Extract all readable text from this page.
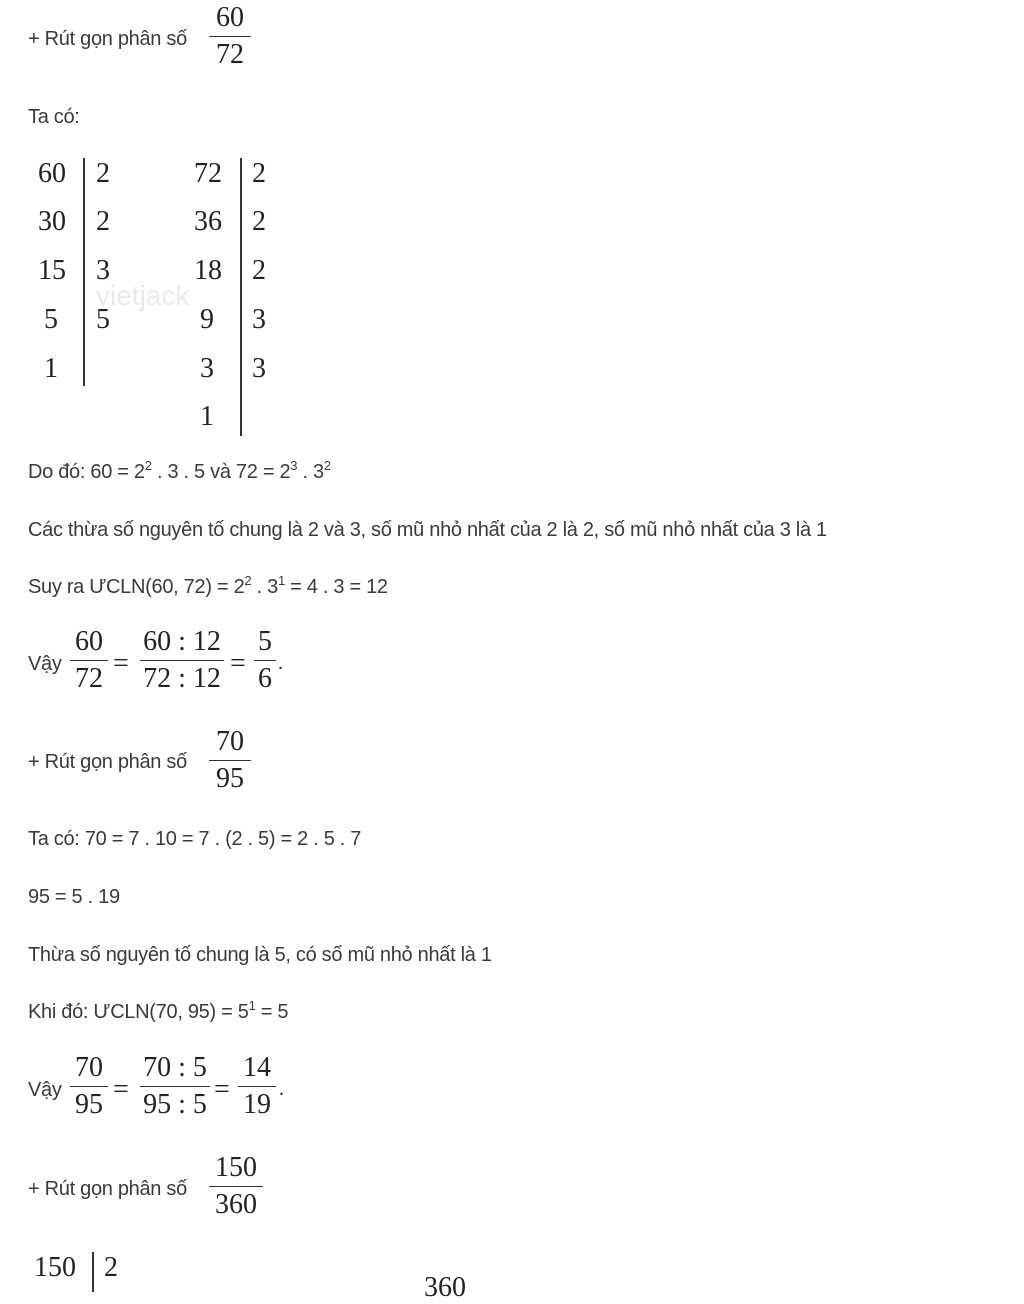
+ Rút gọn phân số
60
72
Ta có:
60
30
15
5
1
2
2
3
5
72
36
18
9
3
1
2
2
2
3
3
vietjack
Do đó: $60 = 2^2$ . 3 . 5 và $72 = 2^3$ . $3^2$
Các thừa số nguyên tố chung là 2 và 3, số mũ nhỏ nhất của 2 là 2, số mũ nhỏ nhất của 3 là 1
Suy ra ƯCLN(60, $72) = 2^2$ . $3^1 = 4$ . 3 = 12
Vậy
60
72 =
60 : 12
72 : 12 =
5
6 .
+ Rút gọn phân số
70
95
Ta có: 70 = 7 . 10 = 7 . (2 . 5) = 2 . 5 . 7
95 = 5 . 19
Thừa số nguyên tố chung là 5, có số mũ nhỏ nhất là 1
Khi đó: ƯCLN(70, $95) = 5^1 = 5$
Vậy
70
95 =
70 : 5
95 : 5 =
14
19 .
+ Rút gọn phân số
150
360
150 2
360
